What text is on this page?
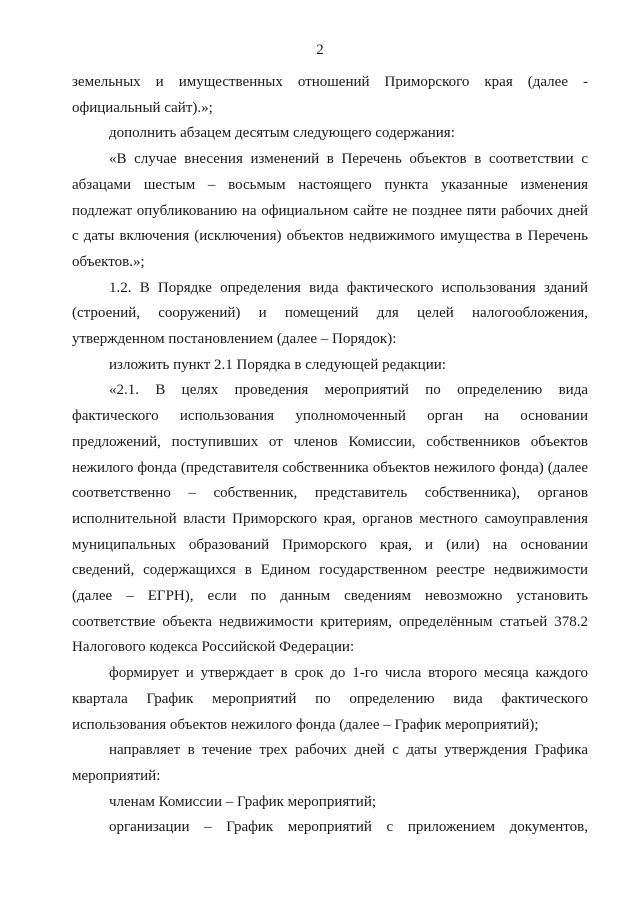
2

земельных и имущественных отношений Приморского края (далее - официальный сайт).»;

дополнить абзацем десятым следующего содержания:

«В случае внесения изменений в Перечень объектов в соответствии с абзацами шестым – восьмым настоящего пункта указанные изменения подлежат опубликованию на официальном сайте не позднее пяти рабочих дней с даты включения (исключения) объектов недвижимого имущества в Перечень объектов.»;

1.2. В Порядке определения вида фактического использования зданий (строений, сооружений) и помещений для целей налогообложения, утвержденном постановлением (далее – Порядок):

изложить пункт 2.1 Порядка в следующей редакции:

«2.1. В целях проведения мероприятий по определению вида фактического использования уполномоченный орган на основании предложений, поступивших от членов Комиссии, собственников объектов нежилого фонда (представителя собственника объектов нежилого фонда) (далее соответственно – собственник, представитель собственника), органов исполнительной власти Приморского края, органов местного самоуправления муниципальных образований Приморского края, и (или) на основании сведений, содержащихся в Едином государственном реестре недвижимости (далее – ЕГРН), если по данным сведениям невозможно установить соответствие объекта недвижимости критериям, определённым статьей 378.2 Налогового кодекса Российской Федерации:

формирует и утверждает в срок до 1-го числа второго месяца каждого квартала График мероприятий по определению вида фактического использования объектов нежилого фонда (далее – График мероприятий);

направляет в течение трех рабочих дней с даты утверждения Графика мероприятий:

членам Комиссии – График мероприятий;

организации – График мероприятий с приложением документов,
